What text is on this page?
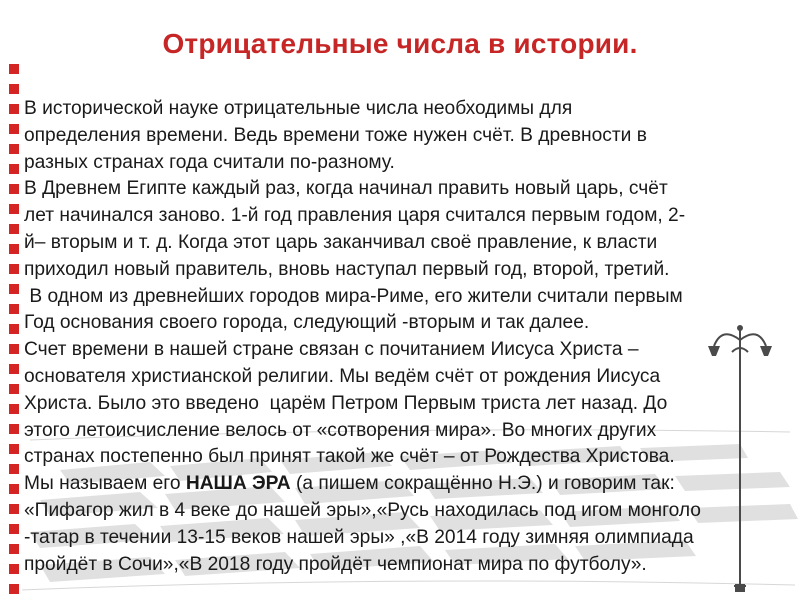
Отрицательные числа в истории.
В исторической науке отрицательные числа необходимы для
определения времени. Ведь времени тоже нужен счёт. В древности в
разных странах года считали по-разному.
В Древнем Египте каждый раз, когда начинал править новый царь, счёт
лет начинался заново. 1-й год правления царя считался первым годом, 2-
й– вторым и т. д. Когда этот царь заканчивал своё правление, к власти
приходил новый правитель, вновь наступал первый год, второй, третий.
В одном из древнейших городов мира-Риме, его жители считали первым
Год основания своего города, следующий -вторым и так далее.
Счет времени в нашей стране связан с почитанием Иисуса Христа –
основателя христианской религии. Мы ведём счёт от рождения Иисуса
Христа. Было это введено  царём Петром Первым триста лет назад. До
этого летоисчисление велось от «сотворения мира». Во многих других
странах постепенно был принят такой же счёт – от Рождества Христова.
Мы называем его НАША ЭРА (а пишем сокращённо Н.Э.) и говорим так:
«Пифагор жил в 4 веке до нашей эры»,«Русь находилась под игом монголо
-татар в течении 13-15 веков нашей эры» ,«В 2014 году зимняя олимпиада
пройдёт в Сочи»,«В 2018 году пройдёт чемпионат мира по футболу».
